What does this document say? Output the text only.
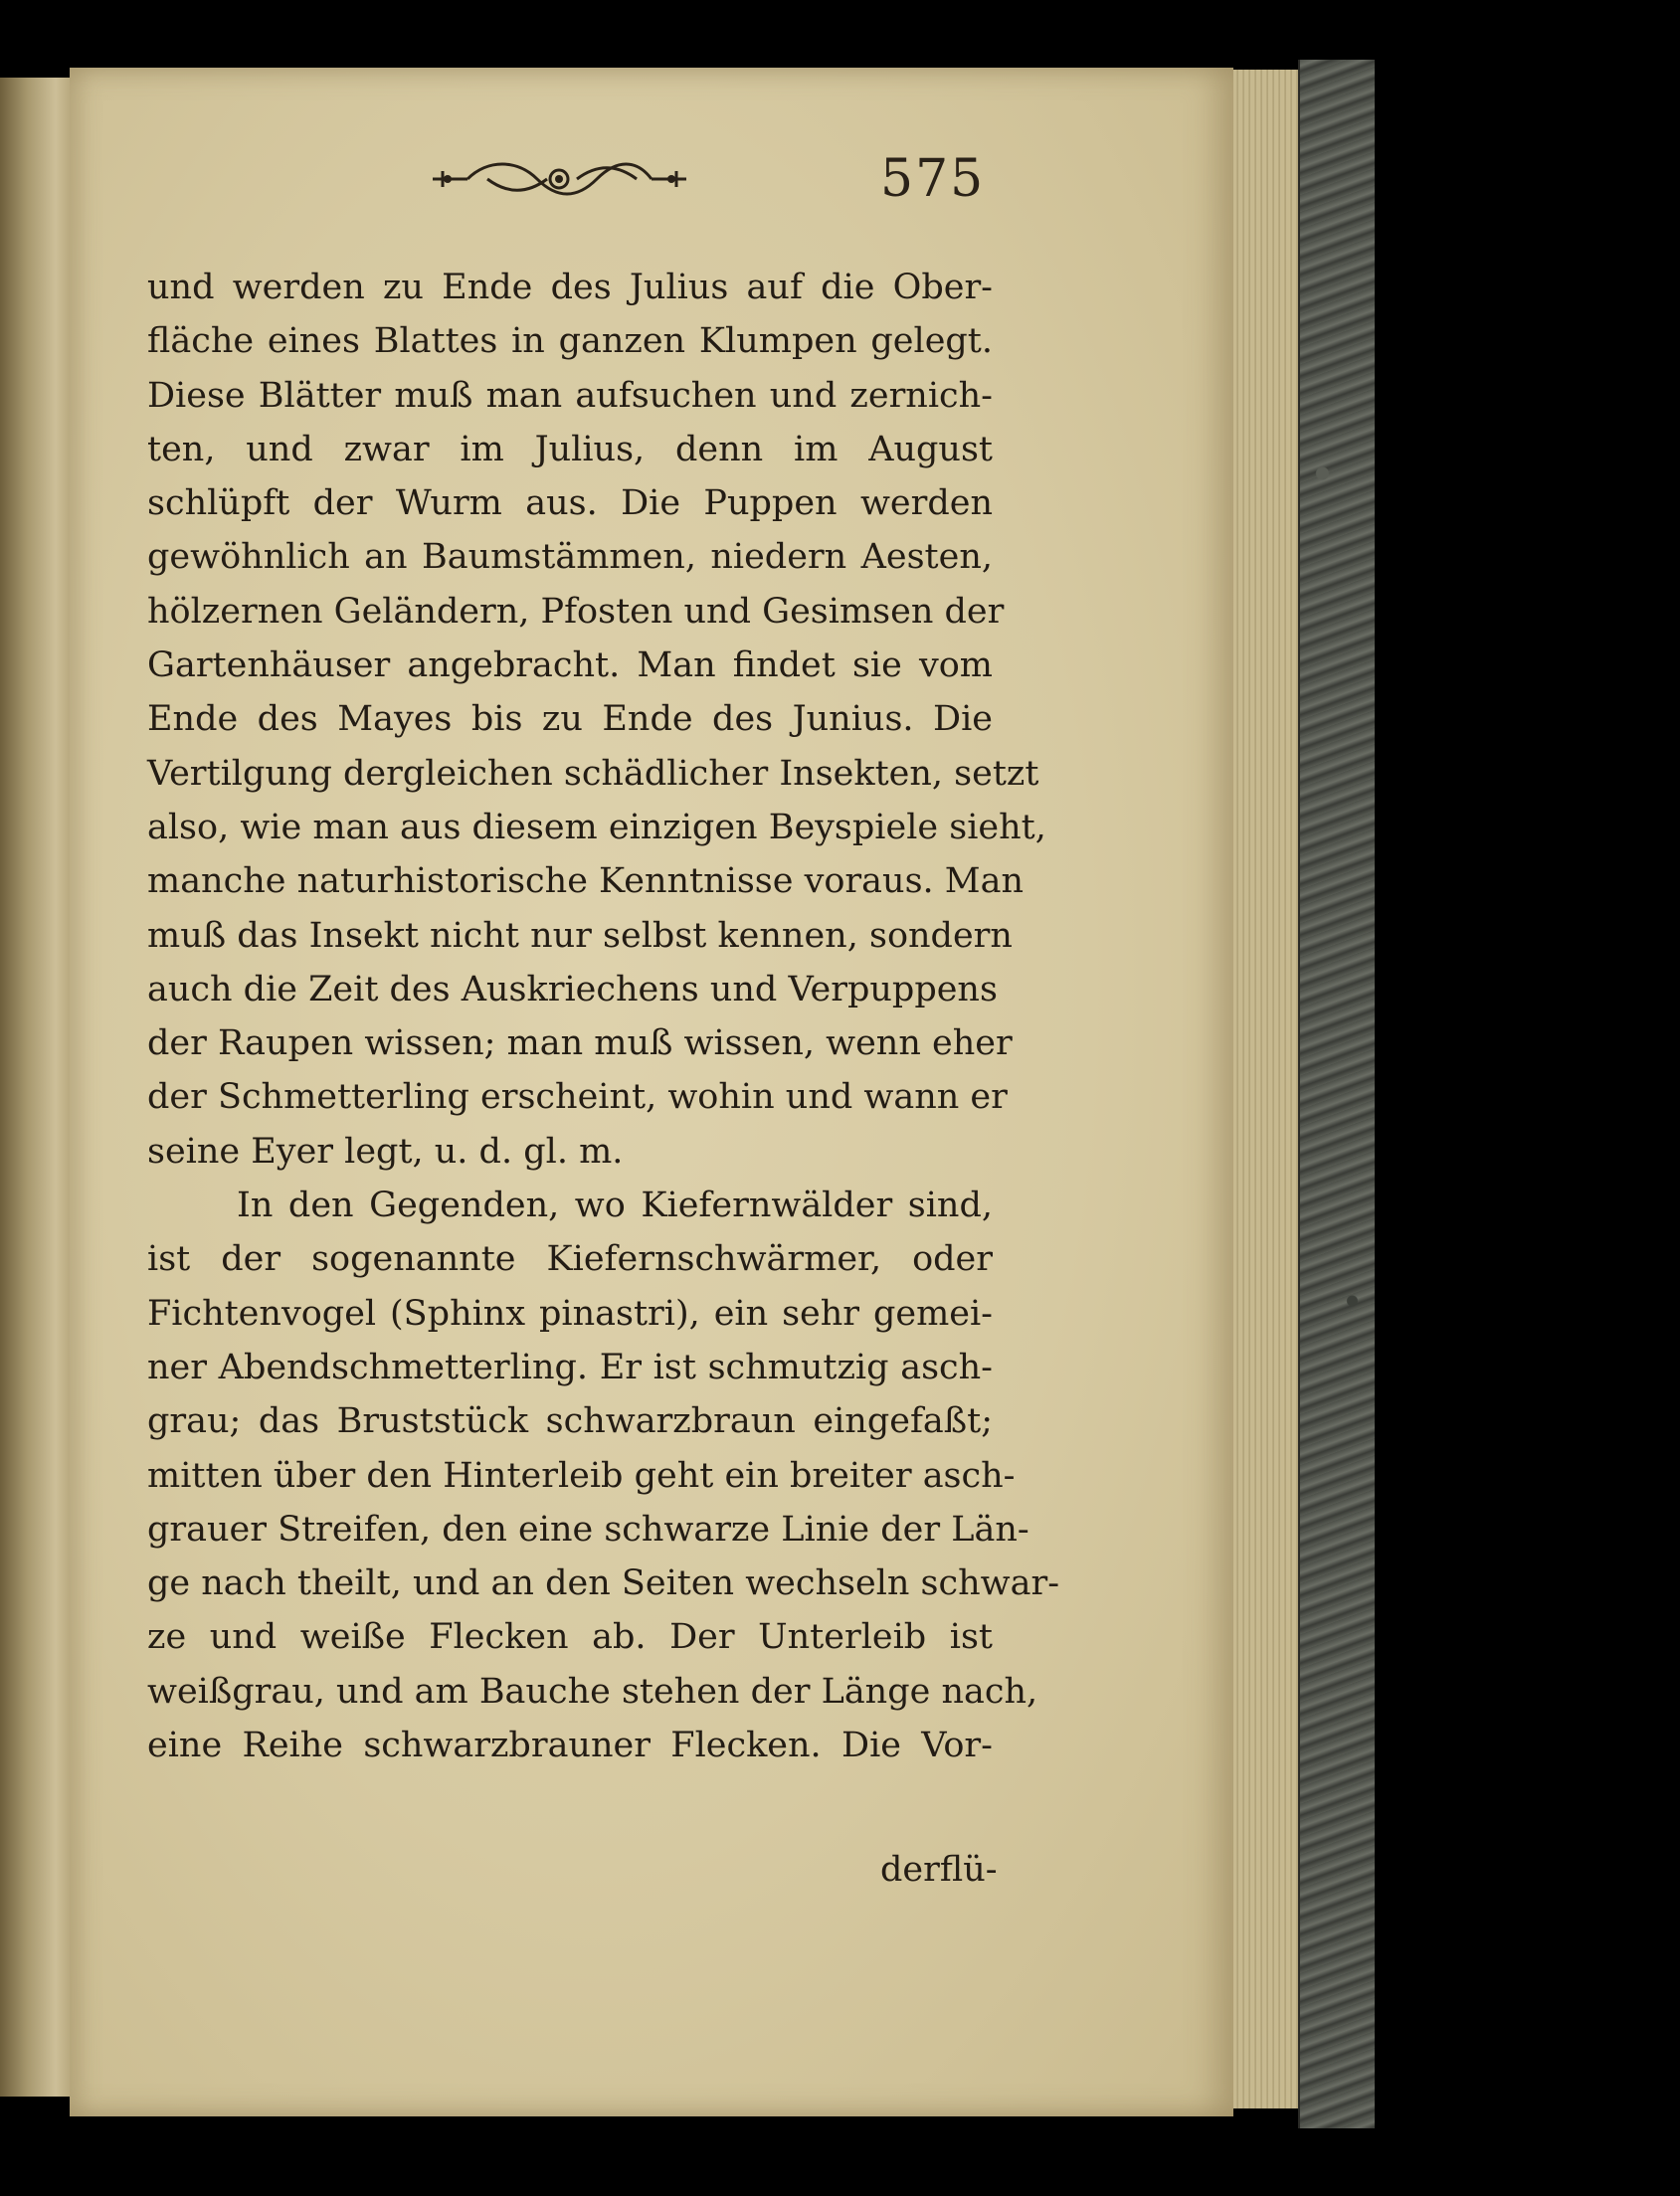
575
und werden zu Ende des Julius auf die Ober-
fläche eines Blattes in ganzen Klumpen gelegt.
Diese Blätter muß man aufsuchen und zernich-
ten, und zwar im Julius, denn im August
schlüpft der Wurm aus. Die Puppen werden
gewöhnlich an Baumstämmen, niedern Aesten,
hölzernen Geländern, Pfosten und Gesimsen der
Gartenhäuser angebracht. Man findet sie vom
Ende des Mayes bis zu Ende des Junius. Die
Vertilgung dergleichen schädlicher Insekten, setzt
also, wie man aus diesem einzigen Beyspiele sieht,
manche naturhistorische Kenntnisse voraus. Man
muß das Insekt nicht nur selbst kennen, sondern
auch die Zeit des Auskriechens und Verpuppens
der Raupen wissen; man muß wissen, wenn eher
der Schmetterling erscheint, wohin und wann er
seine Eyer legt, u. d. gl. m.
In den Gegenden, wo Kiefernwälder sind,
ist der sogenannte Kiefernschwärmer, oder
Fichtenvogel (Sphinx pinastri), ein sehr gemei-
ner Abendschmetterling. Er ist schmutzig asch-
grau; das Bruststück schwarzbraun eingefaßt;
mitten über den Hinterleib geht ein breiter asch-
grauer Streifen, den eine schwarze Linie der Län-
ge nach theilt, und an den Seiten wechseln schwar-
ze und weiße Flecken ab. Der Unterleib ist
weißgrau, und am Bauche stehen der Länge nach,
eine Reihe schwarzbrauner Flecken. Die Vor-
derflü-
